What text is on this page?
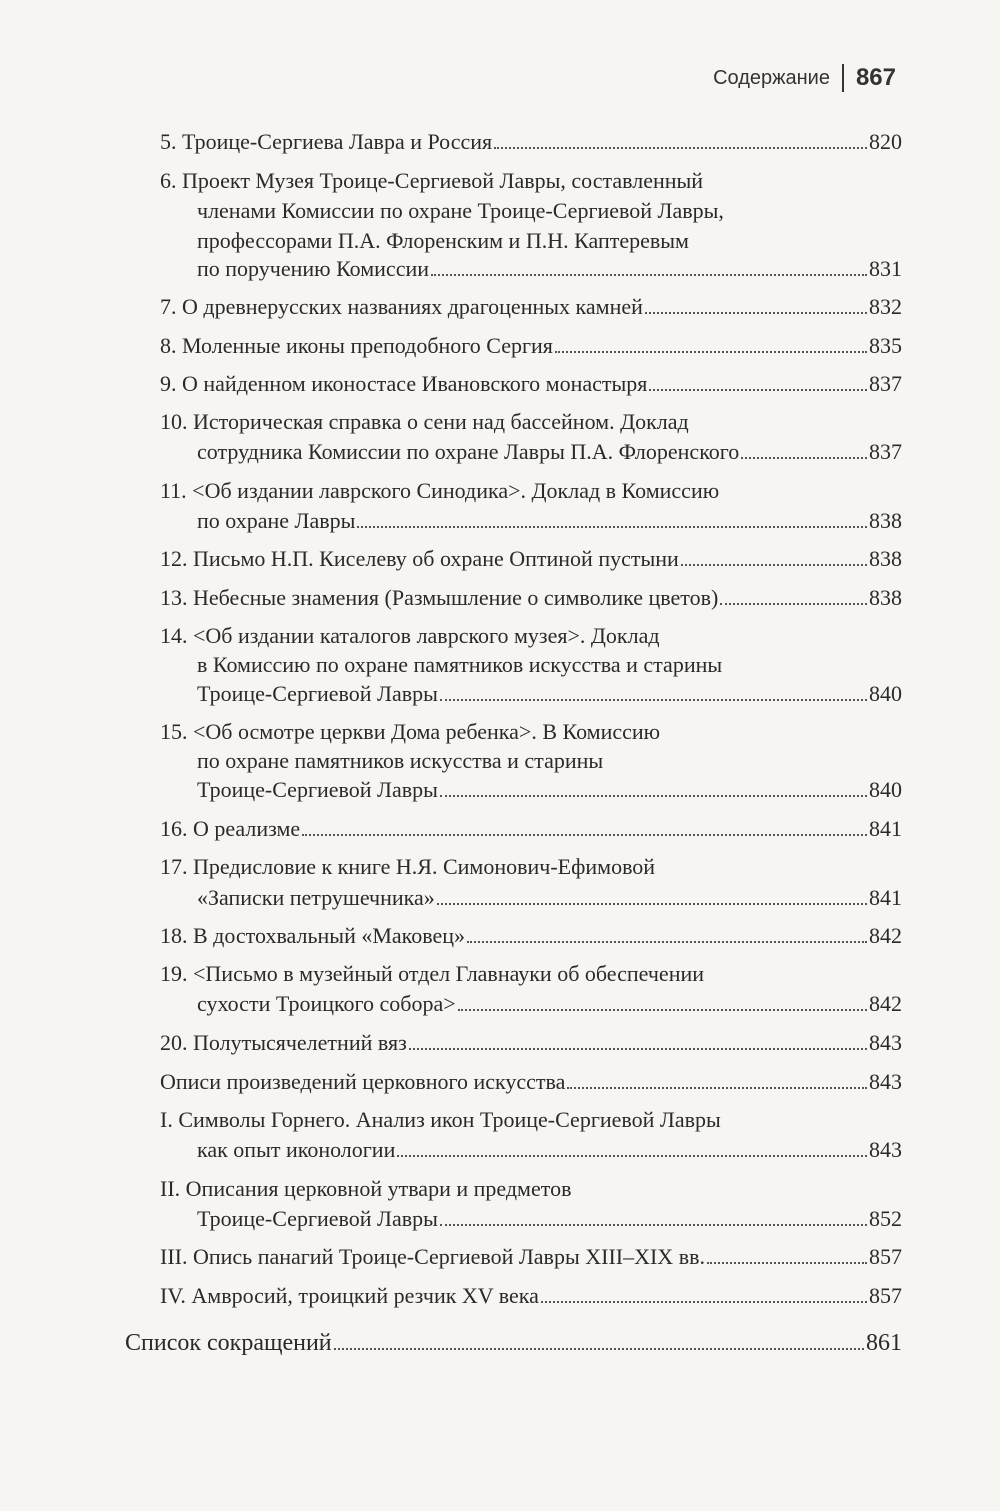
Содержание 867
5. Троице-Сергиева Лавра и Россия	820
6. Проект Музея Троице-Сергиевой Лавры, составленный
членами Комиссии по охране Троице-Сергиевой Лавры,
профессорами П.А. Флоренским и П.Н. Каптеревым
по поручению Комиссии	831
7. О древнерусских названиях драгоценных камней	832
8. Моленные иконы преподобного Сергия	835
9. О найденном иконостасе Ивановского монастыря	837
10. Историческая справка о сени над бассейном. Доклад
сотрудника Комиссии по охране Лавры П.А. Флоренского	837
11. <Об издании лаврского Синодика>. Доклад в Комиссию
по охране Лавры	838
12. Письмо Н.П. Киселеву об охране Оптиной пустыни	838
13. Небесные знамения (Размышление о символике цветов)	838
14. <Об издании каталогов лаврского музея>. Доклад
в Комиссию по охране памятников искусства и старины
Троице-Сергиевой Лавры	840
15. <Об осмотре церкви Дома ребенка>. В Комиссию
по охране памятников искусства и старины
Троице-Сергиевой Лавры	840
16. О реализме	841
17. Предисловие к книге Н.Я. Симонович-Ефимовой
«Записки петрушечника»	841
18. В достохвальный «Маковец»	842
19. <Письмо в музейный отдел Главнауки об обеспечении
сухости Троицкого собора>	842
20. Полутысячелетний вяз	843
Описи произведений церковного искусства	843
I. Символы Горнего. Анализ икон Троице-Сергиевой Лавры
как опыт иконологии	843
II. Описания церковной утвари и предметов
Троице-Сергиевой Лавры	852
III. Опись панагий Троице-Сергиевой Лавры XIII–XIX вв.	857
IV. Амвросий, троицкий резчик XV века	857
Список сокращений	861
